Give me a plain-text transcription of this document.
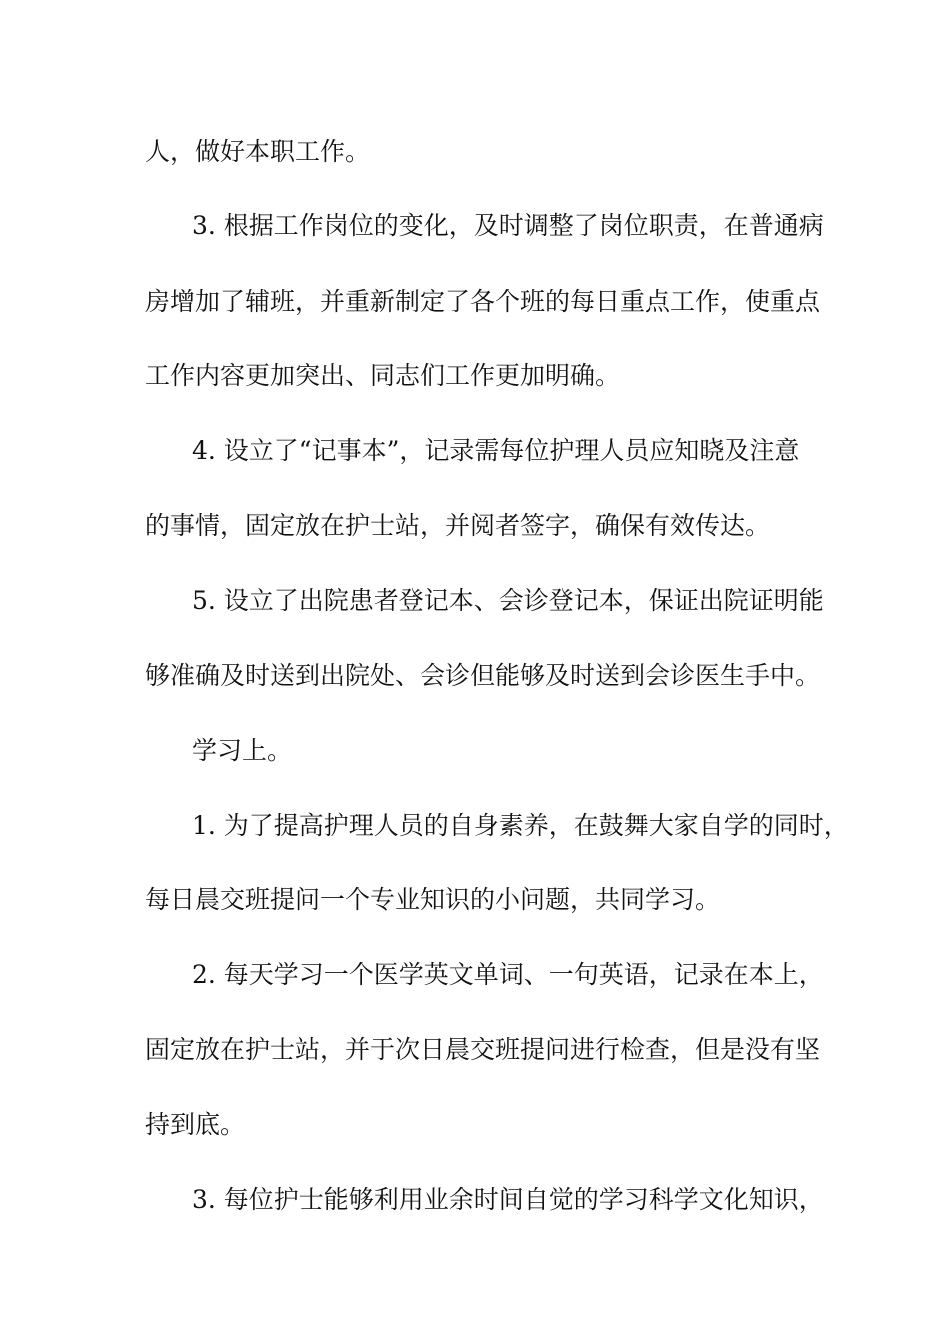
人，做好本职工作。
3. 根据工作岗位的变化，及时调整了岗位职责，在普通病
房增加了辅班，并重新制定了各个班的每日重点工作，使重点
工作内容更加突出、同志们工作更加明确。
4. 设立了“记事本”，记录需每位护理人员应知晓及注意
的事情，固定放在护士站，并阅者签字，确保有效传达。
5. 设立了出院患者登记本、会诊登记本，保证出院证明能
够准确及时送到出院处、会诊但能够及时送到会诊医生手中。
学习上。
1. 为了提高护理人员的自身素养，在鼓舞大家自学的同时，
每日晨交班提问一个专业知识的小问题，共同学习。
2. 每天学习一个医学英文单词、一句英语，记录在本上，
固定放在护士站，并于次日晨交班提问进行检查，但是没有坚
持到底。
3. 每位护士能够利用业余时间自觉的学习科学文化知识，
